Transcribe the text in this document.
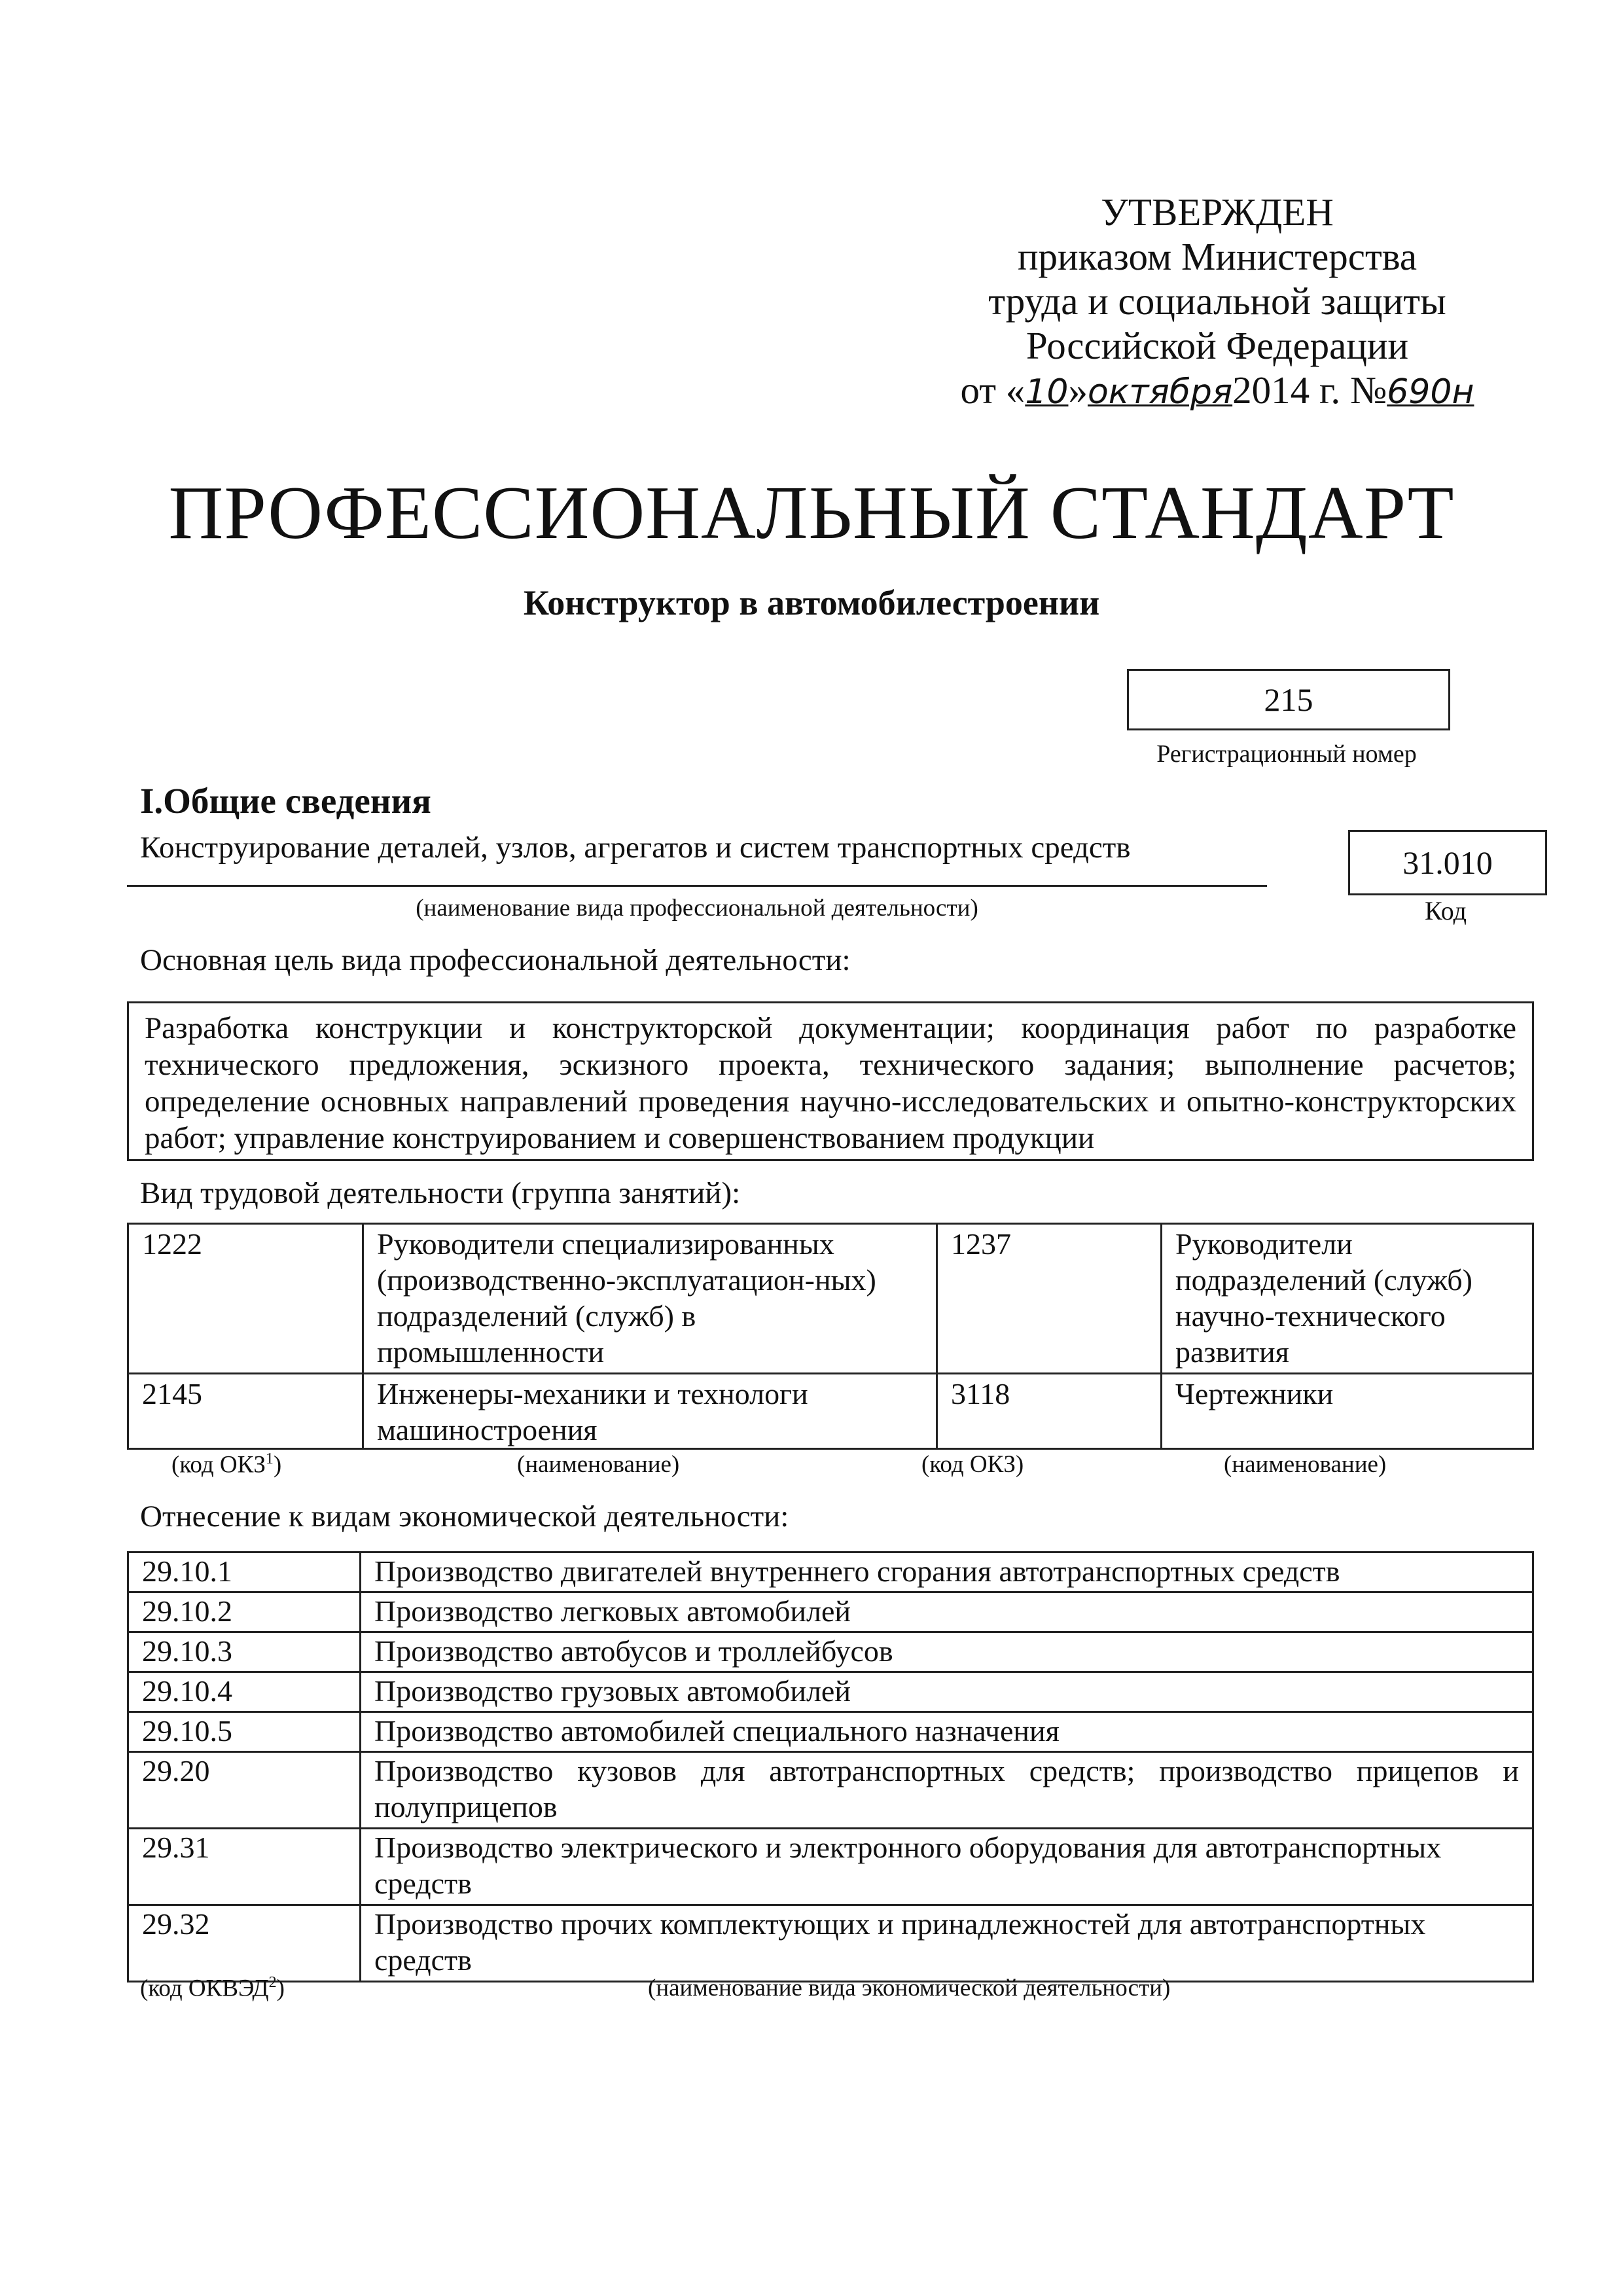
УТВЕРЖДЕН
приказом Министерства
труда и социальной защиты
Российской Федерации
от «10»октября2014 г. №690н
ПРОФЕССИОНАЛЬНЫЙ СТАНДАРТ
Конструктор в автомобилестроении
215
Регистрационный номер
I.Общие сведения
Конструирование деталей, узлов, агрегатов и систем транспортных средств
(наименование вида профессиональной деятельности)
31.010
Код
Основная цель вида профессиональной деятельности:
Разработка конструкции и конструкторской документации; координация работ по разработке технического предложения, эскизного проекта, технического задания; выполнение расчетов; определение основных направлений проведения научно-исследовательских и опытно-конструкторских работ; управление конструированием и совершенствованием продукции
Вид трудовой деятельности (группа занятий):
1222	Руководители специализированных (производственно-эксплуатацион-ных) подразделений (служб) в промышленности	1237	Руководители подразделений (служб) научно-технического развития
2145	Инженеры-механики и технологи машиностроения	3118	Чертежники
(код ОКЗ$^1$)	(наименование)	(код ОКЗ)	(наименование)
Отнесение к видам экономической деятельности:
29.10.1	Производство двигателей внутреннего сгорания автотранспортных средств
29.10.2	Производство легковых автомобилей
29.10.3	Производство автобусов и троллейбусов
29.10.4	Производство грузовых автомобилей
29.10.5	Производство автомобилей специального назначения
29.20	Производство кузовов для автотранспортных средств; производство прицепов и полуприцепов
29.31	Производство электрического и электронного оборудования для автотранспортных средств
29.32	Производство прочих комплектующих и принадлежностей для автотранспортных средств
(код ОКВЭД$^2$)	(наименование вида экономической деятельности)
